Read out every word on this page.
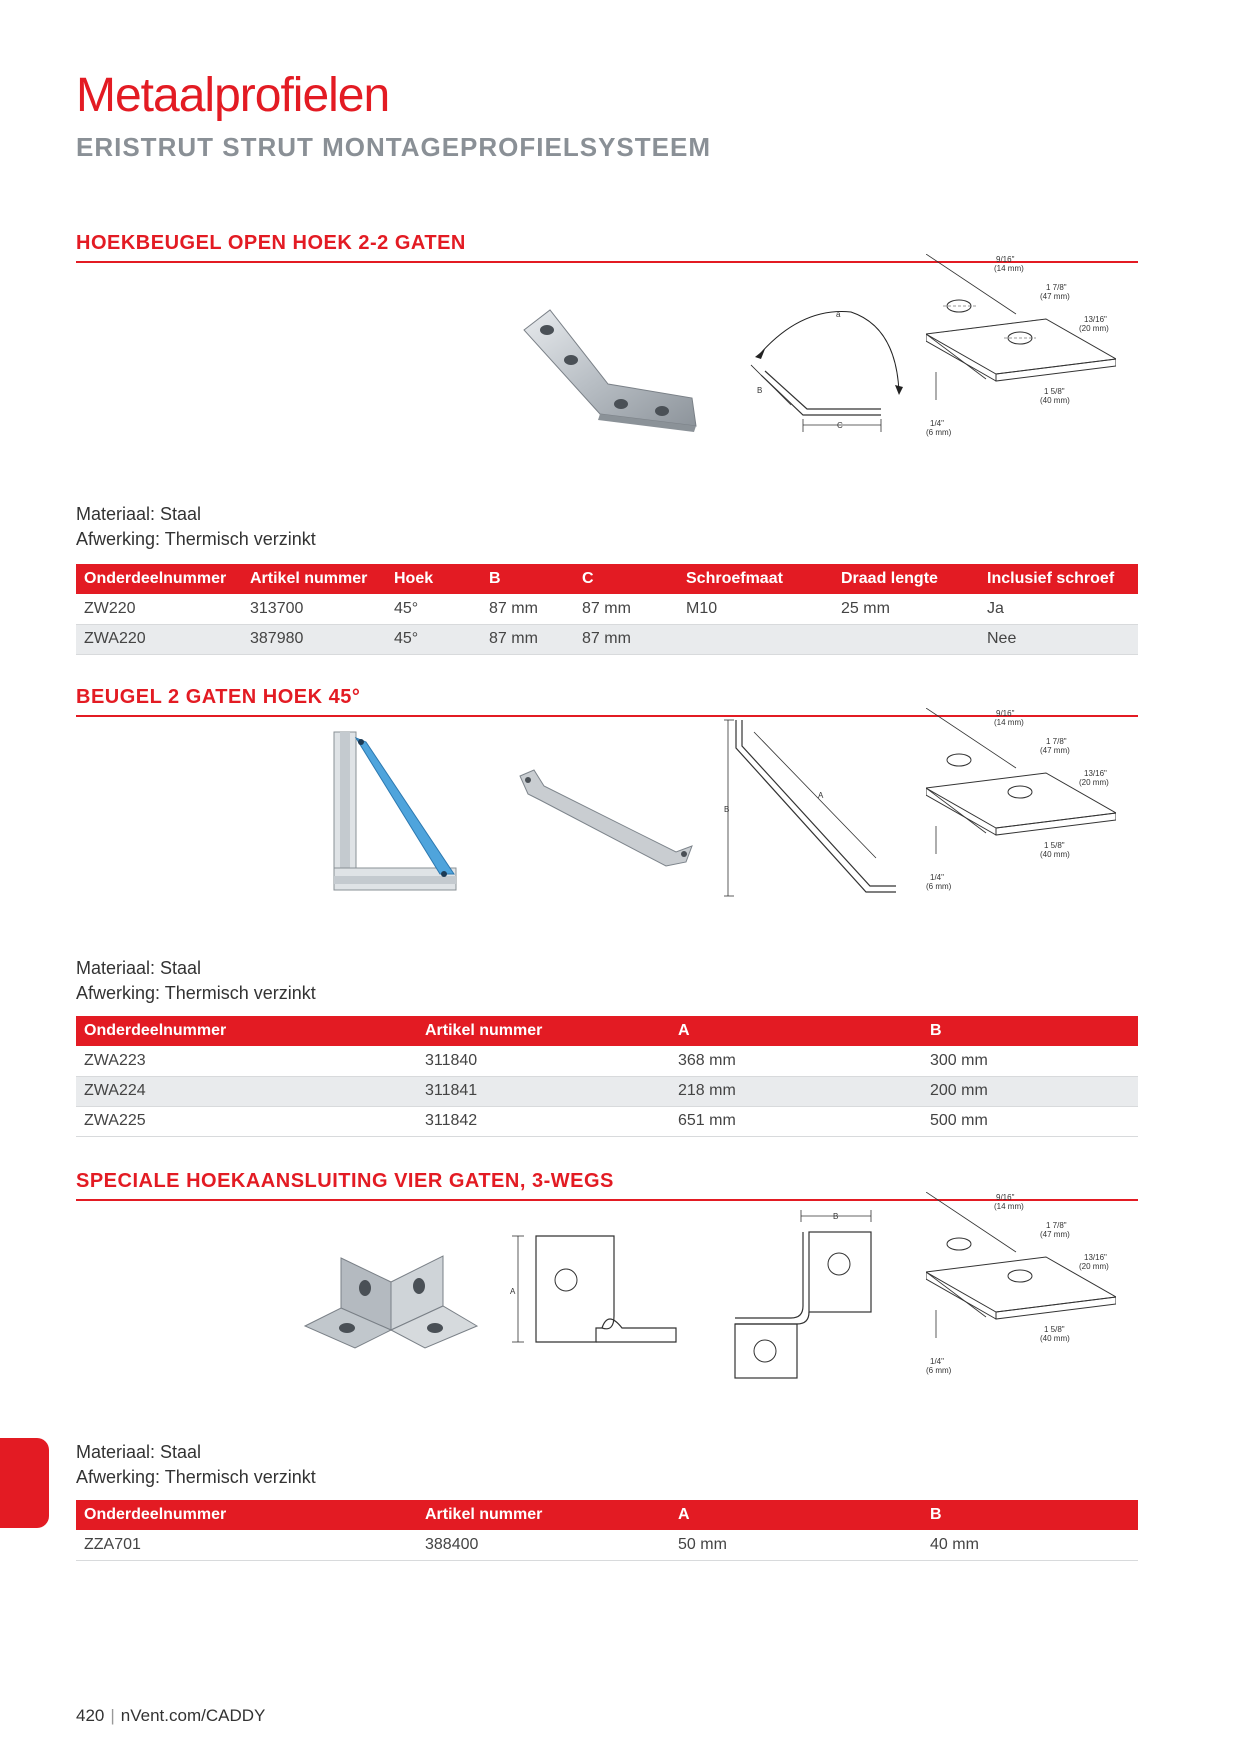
Metaalprofielen
ERISTRUT STRUT MONTAGEPROFIELSYSTEEM
HOEKBEUGEL OPEN HOEK 2-2 GATEN
a
B
C
9/16"
(14 mm)
1 7/8"
(47 mm)
13/16"
(20 mm)
1 5/8"
(40 mm)
1/4"
(6 mm)
Materiaal: Staal
Afwerking: Thermisch verzinkt
Onderdeelnummer	Artikel nummer	Hoek	B	C	Schroefmaat	Draad lengte	Inclusief schroef
ZW220	313700	45°	87 mm	87 mm	M10	25 mm	Ja
ZWA220	387980	45°	87 mm	87 mm			Nee
BEUGEL 2 GATEN HOEK 45°
B
A
9/16"
(14 mm)
1 7/8"
(47 mm)
13/16"
(20 mm)
1 5/8"
(40 mm)
1/4"
(6 mm)
Materiaal: Staal
Afwerking: Thermisch verzinkt
Onderdeelnummer	Artikel nummer	A	B
ZWA223	311840	368 mm	300 mm
ZWA224	311841	218 mm	200 mm
ZWA225	311842	651 mm	500 mm
SPECIALE HOEKAANSLUITING VIER GATEN, 3-WEGS
A
B
9/16"
(14 mm)
1 7/8"
(47 mm)
13/16"
(20 mm)
1 5/8"
(40 mm)
1/4"
(6 mm)
Materiaal: Staal
Afwerking: Thermisch verzinkt
Onderdeelnummer	Artikel nummer	A	B
ZZA701	388400	50 mm	40 mm
420 | nVent.com/CADDY
